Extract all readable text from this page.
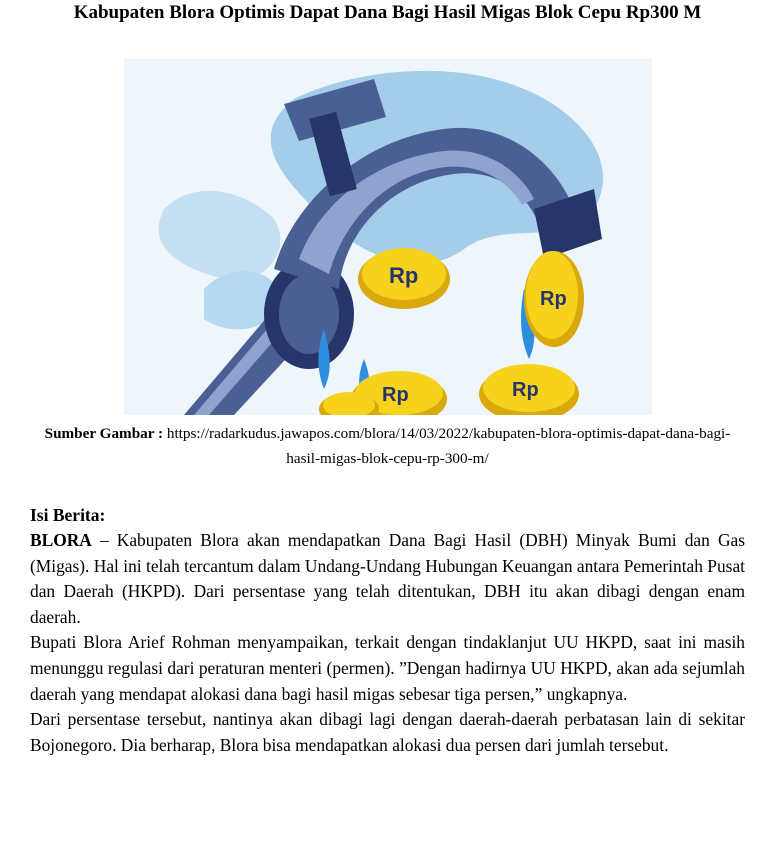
Kabupaten Blora Optimis Dapat Dana Bagi Hasil Migas Blok Cepu Rp300 M
Rp
Rp
Rp	Rp
Sumber Gambar : https://radarkudus.jawapos.com/blora/14/03/2022/kabupaten-blora-optimis-dapat-dana-bagi-hasil-migas-blok-cepu-rp-300-m/
Isi Berita:

BLORA – Kabupaten Blora akan mendapatkan Dana Bagi Hasil (DBH) Minyak Bumi dan Gas (Migas). Hal ini telah tercantum dalam Undang-Undang Hubungan Keuangan antara Pemerintah Pusat dan Daerah (HKPD). Dari persentase yang telah ditentukan, DBH itu akan dibagi dengan enam daerah.

Bupati Blora Arief Rohman menyampaikan, terkait dengan tindaklanjut UU HKPD, saat ini masih menunggu regulasi dari peraturan menteri (permen). ”Dengan hadirnya UU HKPD, akan ada sejumlah daerah yang mendapat alokasi dana bagi hasil migas sebesar tiga persen,” ungkapnya.

Dari persentase tersebut, nantinya akan dibagi lagi dengan daerah-daerah perbatasan lain di sekitar Bojonegoro. Dia berharap, Blora bisa mendapatkan alokasi dua persen dari jumlah tersebut.
